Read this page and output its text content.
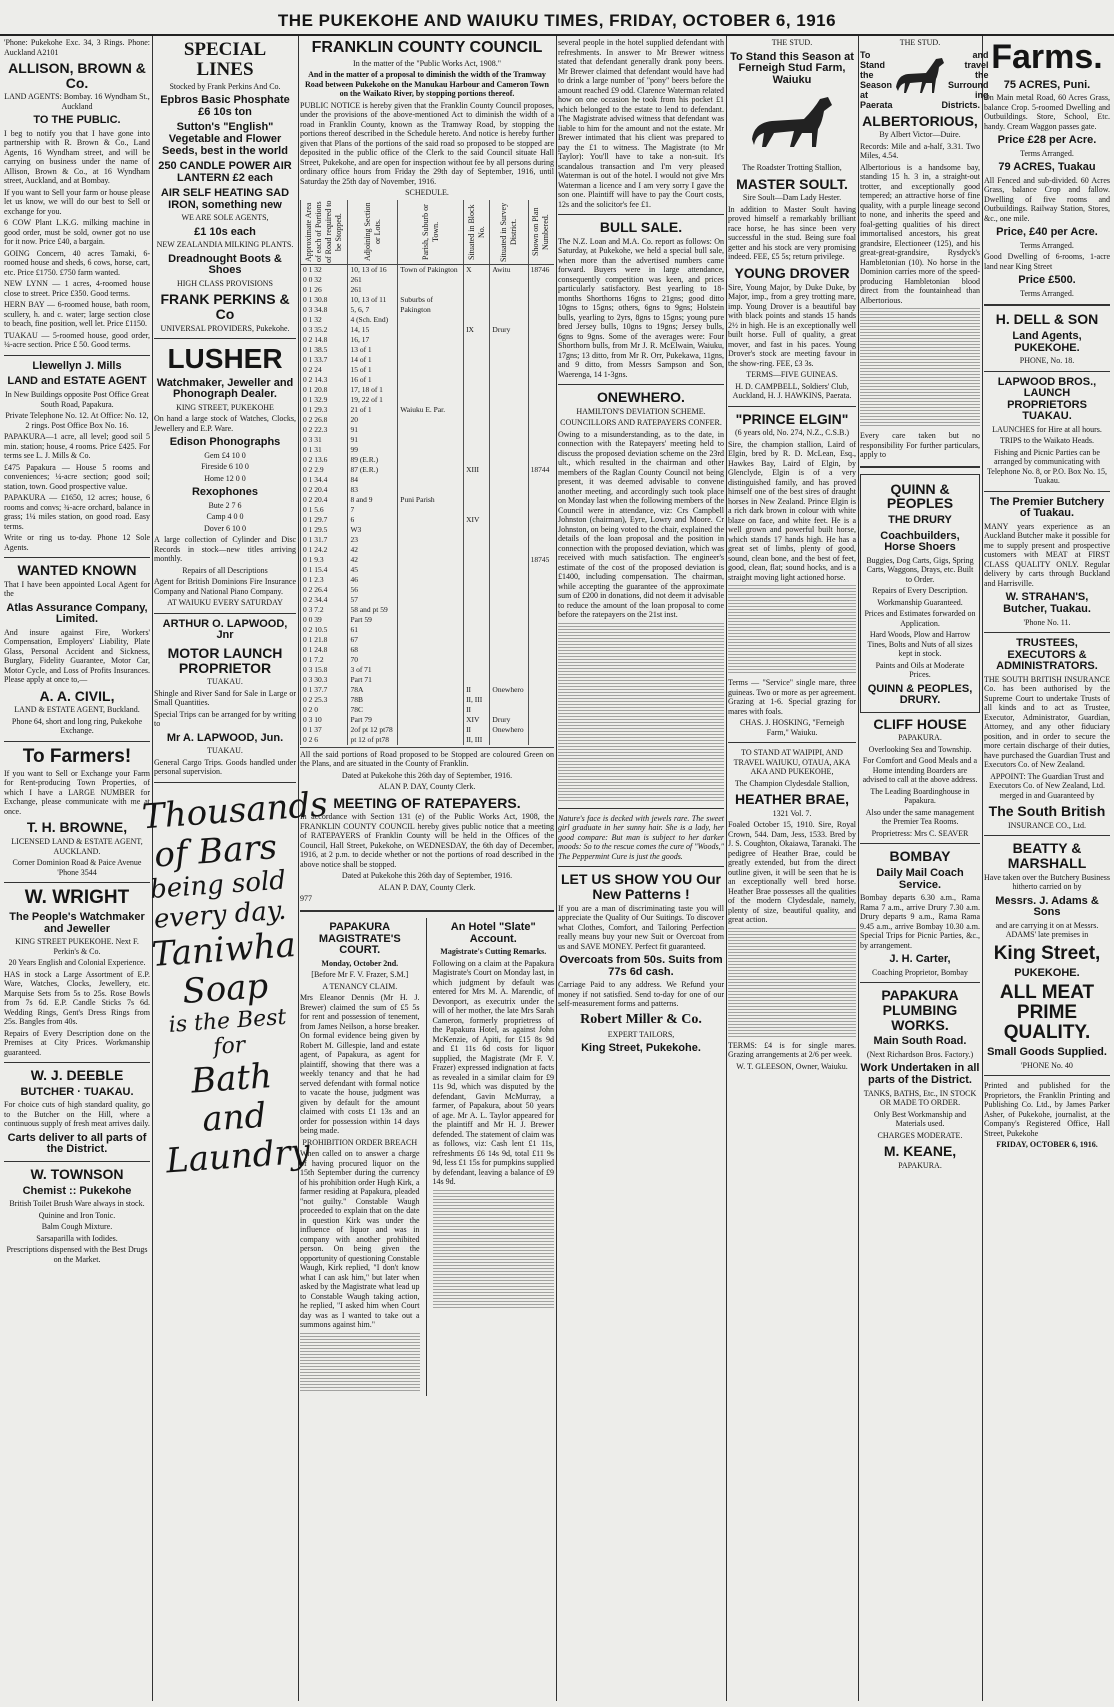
THE PUKEKOHE AND WAIUKU TIMES, FRIDAY, OCTOBER 6, 1916

'Phone: Pukekohe Exc. 34, 3 Rings. Phone: Auckland A2101

ALLISON, BROWN & Co.

LAND AGENTS: Bombay. 16 Wyndham St., Auckland

TO THE PUBLIC.

I beg to notify you that I have gone into partnership with R. Brown & Co., Land Agents, 16 Wyndham street, and will be carrying on business under the name of Allison, Brown & Co., at 16 Wyndham street, Auckland, and at Bombay.

If you want to Sell your farm or house please let us know, we will do our best to Sell or exchange for you.

6 COW Plant L.K.G. milking machine in good order, must be sold, owner got no use for it now. Price £40, a bargain.

GOING Concern, 40 acres Tamaki, 6-roomed house and sheds, 6 cows, horse, cart, etc. Price £1750. £750 farm wanted.

NEW LYNN — 1 acres, 4-roomed house close to street. Price £350. Good terms.

HERN BAY — 6-roomed house, bath room, scullery, h. and c. water; large section close to beach, fine position, well let. Price £1150.

TUAKAU — 5-roomed house, good order, ¼-acre section. Price £ 50. Good terms.

Llewellyn J. Mills
LAND and ESTATE AGENT

In New Buildings opposite Post Office Great South Road, Papakura.

Private Telephone No. 12. At Office: No. 12, 2 rings. Post Office Box No. 16.

PAPAKURA—1 acre, all level; good soil 5 min. station; house, 4 rooms. Price £425. For terms see L. J. Mills & Co.

£475 Papakura — House 5 rooms and conveniences; ¼-acre section; good soil; station, town. Good prospective value.

PAPAKURA — £1650, 12 acres; house, 6 rooms and convs; ¾-acre orchard, balance in grass; 1¼ miles station, on good road. Easy terms.

Write or ring us to-day. Phone 12 Sole Agents.

WANTED KNOWN

That I have been appointed Local Agent for the

Atlas Assurance Company, Limited.

And insure against Fire, Workers' Compensation, Employers' Liability, Plate Glass, Personal Accident and Sickness, Burglary, Fidelity Guarantee, Motor Car, Motor Cycle, and Loss of Profits Insurances. Please apply at once to,—

A. A. CIVIL,

LAND & ESTATE AGENT, Buckland.

Phone 64, short and long ring, Pukekohe Exchange.

To Farmers!

If you want to Sell or Exchange your Farm for Rent-producing Town Properties, of which I have a LARGE NUMBER for Exchange, please communicate with me at once.

T. H. BROWNE,

LICENSED LAND & ESTATE AGENT, AUCKLAND.

Corner Dominion Road & Paice Avenue 'Phone 3544

W. WRIGHT
The People's Watchmaker and Jeweller

KING STREET PUKEKOHE. Next F. Perkin's & Co.

20 Years English and Colonial Experience.

HAS in stock a Large Assortment of E.P. Ware, Watches, Clocks, Jewellery, etc. Marquise Sets from 5s to 25s. Rose Bowls from 7s 6d. E.P. Candle Sticks 7s 6d. Wedding Rings, Gent's Dress Rings from 25s. Bangles from 40s.

Repairs of Every Description done on the Premises at City Prices. Workmanship guaranteed.

W. J. DEEBLE
BUTCHER · TUAKAU.

For choice cuts of high standard quality, go to the Butcher on the Hill, where a continuous supply of fresh meat arrives daily.

Carts deliver to all parts of the District.
W. TOWNSON
Chemist :: Pukekohe

British Toilet Brush Ware always in stock.

Quinine and Iron Tonic.

Balm Cough Mixture.

Sarsaparilla with Iodides.

Prescriptions dispensed with the Best Drugs on the Market.

SPECIAL LINES

Stocked by Frank Perkins And Co.

Epbros Basic Phosphate £6 10s ton
Sutton's "English" Vegetable and Flower Seeds, best in the world
250 CANDLE POWER AIR LANTERN £2 each
AIR SELF HEATING SAD IRON, something new

WE ARE SOLE AGENTS,

£1 10s each

NEW ZEALANDIA MILKING PLANTS.

Dreadnought Boots & Shoes

HIGH CLASS PROVISIONS

FRANK PERKINS & Co

UNIVERSAL PROVIDERS, Pukekohe.

LUSHER
Watchmaker, Jeweller and Phonograph Dealer.

KING STREET, PUKEKOHE

On hand a large stock of Watches, Clocks, Jewellery and E.P. Ware.

Edison Phonographs

Gem £4 10 0

Fireside 6 10 0

Home 12 0 0

Rexophones

Bute 2 7 6

Camp 4 0 0

Dover 6 10 0

A large collection of Cylinder and Disc Records in stock—new titles arriving monthly.

Repairs of all Descriptions

Agent for British Dominions Fire Insurance Company and National Piano Company.

AT WAIUKU EVERY SATURDAY

ARTHUR O. LAPWOOD, Jnr
MOTOR LAUNCH PROPRIETOR

TUAKAU.

Shingle and River Sand for Sale in Large or Small Quantities.

Special Trips can be arranged for by writing to

Mr A. LAPWOOD, Jun.

TUAKAU.

General Cargo Trips. Goods handled under personal supervision.

Thousands
of Bars
being sold
every day.
Taniwha
Soap
is the Best for
Bath and
Laundry
FRANKLIN COUNTY COUNCIL

In the matter of the "Public Works Act, 1908."

And in the matter of a proposal to diminish the width of the Tramway Road between Pukekohe on the Manukau Harbour and Cameron Town on the Waikato River, by stopping portions thereof.

PUBLIC NOTICE is hereby given that the Franklin County Council proposes, under the provisions of the above-mentioned Act to diminish the width of a road in Franklin County, known as the Tramway Road, by stopping the portions thereof described in the Schedule hereto. And notice is hereby further given that Plans of the portions of the said road so proposed to be stopped are deposited in the public office of the Clerk to the said Council situate Hall Street, Pukekohe, and are open for inspection without fee by all persons during ordinary office hours from Friday the 29th day of September, 1916, until Saturday the 25th day of November, 1916.

SCHEDULE.

Approximate Area of each of Portions of Road required to be Stopped.	Adjoining Section or Lots.	Parish, Suburb or Town.	Situated in Block No.	Situated in Survey District.	Shown on Plan Numbered.

0 1 32	10, 13 of 16	Town of Pakington	X	Awitu	18746
0 0 32	261				
0 1 26	261				
0 1 30.8	10, 13 of 11	Suburbs of			
0 3 34.8	5, 6, 7	Pakington			
0 1 32	4 (Sch. End)				
0 3 35.2	14, 15		IX	Drury	
0 2 14.8	16, 17				
0 1 38.5	13 of 1				
0 1 33.7	14 of 1				
0 2 24	15 of 1				
0 2 14.3	16 of 1				
0 1 20.8	17, 18 of 1				
0 1 32.9	19, 22 of 1				
0 1 29.3	21 of 1	Waiuku E. Par.			
0 2 26.8	20				
0 2 22.3	91				
0 3 31	91				
0 1 31	99				
0 2 13.6	89 (E.R.)				
0 2 2.9	87 (E.R.)		XIII		18744
0 1 34.4	84				
0 2 20.4	83				
0 2 20.4	8 and 9	Puni Parish			
0 1 5.6	7				
0 1 29.7	6		XIV		
0 1 29.5	W3				
0 1 31.7	23				
0 1 24.2	42				
0 1 9.3	42				18745
0 1 15.4	45				
0 1 2.3	46				
0 2 26.4	56				
0 2 34.4	57				
0 3 7.2	58 and pt 59				
0 0 39	Part 59				
0 2 10.5	61				
0 1 21.8	67				
0 1 24.8	68				
0 1 7.2	70				
0 3 15.8	3 of 71				
0 3 30.3	Part 71				
0 1 37.7	78A		II	Onewhero	
0 2 25.3	78B		II, III		
0 2 0	78C		II		
0 3 10	Part 79		XIV	Drury	
0 1 37	2of pt 12 pt78		II	Onewhero	
0 2 6	pt 12 of pt78		II, III		

All the said portions of Road proposed to be Stopped are coloured Green on the Plans, and are situated in the County of Franklin.

Dated at Pukekohe this 26th day of September, 1916.

ALAN P. DAY, County Clerk.

MEETING OF RATEPAYERS.

In accordance with Section 131 (e) of the Public Works Act, 1908, the FRANKLIN COUNTY COUNCIL hereby gives public notice that a meeting of RATEPAYERS of Franklin County will be held in the Offices of the Council, Hall Street, Pukekohe, on WEDNESDAY, the 6th day of December, 1916, at 2 p.m. to decide whether or not the portions of road described in the above notice shall be stopped.

Dated at Pukekohe this 26th day of September, 1916.

ALAN P. DAY, County Clerk.

977

PAPAKURA MAGISTRATE'S COURT.

Monday, October 2nd.

[Before Mr F. V. Frazer, S.M.]

A TENANCY CLAIM.

Mrs Eleanor Dennis (Mr H. J. Brewer) claimed the sum of £5 5s for rent and possession of tenement, from James Neilson, a horse breaker. On formal evidence being given by Robert M. Gillespie, land and estate agent, of Papakura, as agent for plaintiff, showing that there was a weekly tenancy and that he had served defendant with formal notice to vacate the house, judgment was given by default for the amount claimed with costs £1 13s and an order for possession within 14 days being made.

PROHIBITION ORDER BREACH

When called on to answer a charge of having procured liquor on the 15th September during the currency of his prohibition order Hugh Kirk, a farmer residing at Papakura, pleaded "not guilty." Constable Waugh proceeded to explain that on the date in question Kirk was under the influence of liquor and was in company with another prohibited person. On being given the opportunity of questioning Constable Waugh, Kirk replied, "I don't know what I can ask him," but later when asked by the Magistrate what lead up to Constable Waugh taking action, he replied, "I asked him when Court day was as I wanted to take out a summons against him."

An Hotel "Slate" Account.

Magistrate's Cutting Remarks.

Following on a claim at the Papakura Magistrate's Court on Monday last, in which judgment by default was entered for Mrs M. A. Marendic, of Devonport, as executrix under the will of her mother, the late Mrs Sarah Cameron, formerly proprietress of the Papakura Hotel, as against John McKenzie, of Apiti, for £15 8s 9d and £1 11s 6d costs for liquor supplied, the Magistrate (Mr F. V. Frazer) expressed indignation at facts as revealed in a similar claim for £9 11s 9d, which was disputed by the defendant, Gavin McMurray, a farmer, of Papakura, about 50 years of age. Mr A. L. Taylor appeared for the plaintiff and Mr H. J. Brewer defended. The statement of claim was as follows, viz: Cash lent £1 11s, refreshments £6 14s 9d, total £11 9s 9d, less £1 15s for pumpkins supplied by defendant, leaving a balance of £9 14s 9d.

several people in the hotel supplied defendant with refreshments. In answer to Mr Brewer witness stated that defendant generally drank pony beers. Mr Brewer claimed that defendant would have had to drink a large number of "pony" beers before the amount reached £9 odd. Clarence Waterman related how on one occasion he took from his pocket £1 which belonged to the estate to lend to defendant. The Magistrate advised witness that defendant was liable to him for the amount and not the estate. Mr Brewer intimated that his client was prepared to pay the £1 to witness. The Magistrate (to Mr Taylor): You'll have to take a non-suit. It's scandalous transaction and I'm very pleased Waterman is out of the hotel. I would not give Mrs Waterman a licence and I am very sorry I gave the son one. Plaintiff will have to pay the Court costs, 12s and the solicitor's fee £1.

BULL SALE.

The N.Z. Loan and M.A. Co. report as follows: On Saturday, at Pukekohe, we held a special bull sale, when more than the advertised numbers came forward. Buyers were in large attendance, consequently competition was keen, and prices particularly satisfactory. Best yearling to 18-months Shorthorns 16gns to 21gns; good ditto 10gns to 15gns; others, 6gns to 9gns; Holstein bulls, yearling to 2yrs, 8gns to 15gns; young pure bred Jersey bulls, 10gns to 19gns; Jersey bulls, 6gns to 9gns. Some of the averages were: Four Shorthorn bulls, from Mr J. R. McElwain, Waiuku, 17gns; 13 ditto, from Mr R. Orr, Pukekawa, 11gns, and 9 ditto, from Messrs Sampson and Son, Waerenga, 14 1-3gns.

ONEWHERO.

HAMILTON'S DEVIATION SCHEME.

COUNCILLORS AND RATEPAYERS CONFER.

Owing to a misunderstanding, as to the date, in connection with the Ratepayers' meeting held to discuss the proposed deviation scheme on the 23rd ult., which resulted in the chairman and other members of the Raglan County Council not being present, it was deemed advisable to convene another meeting, and accordingly such took place on Monday last when the following members of the Council were in attendance, viz: Crs Campbell Johnston (chairman), Eyre, Lowry and Moore. Cr Johnston, on being voted to the chair, explained the details of the loan proposal and the position in connection with the proposed deviation, which was received with much satisfaction. The engineer's estimate of the cost of the proposed deviation is £1400, including compensation. The chairman, while accepting the guarantee of the approximate sum of £200 in donations, did not deem it advisable to reduce the amount of the loan proposal to come before the ratepayers on the 21st inst.

Nature's face is decked with jewels rare. The sweet girl graduate in her sunny hair. She is a lady, her good compare: But man is subject to her darker moods: So to the rescue comes the cure of "Woods," The Peppermint Cure is just the goods.

LET US SHOW YOU Our New Patterns !

If you are a man of discriminating taste you will appreciate the Quality of Our Suitings. To discover what Clothes, Comfort, and Tailoring Perfection really means buy your new Suit or Overcoat from us and SAVE MONEY. Perfect fit guaranteed.

Overcoats from 50s. Suits from 77s 6d cash.

Carriage Paid to any address. We Refund your money if not satisfied. Send to-day for one of our self-measurement forms and patterns.

Robert Miller & Co.

EXPERT TAILORS,

King Street, Pukekohe.

THE STUD.

To Stand this Season at Ferneigh Stud Farm, Waiuku

The Roadster Trotting Stallion,

MASTER SOULT.

Sire Soult—Dam Lady Hester.

In addition to Master Soult having proved himself a remarkably brilliant race horse, he has since been very successful in the stud. Being sure foal getter and his stock are very promising indeed. FEE, £5 5s; return privilege.

YOUNG DROVER

Sire, Young Major, by Duke Duke, by Major, imp., from a grey trotting mare, imp. Young Drover is a beautiful bay with black points and stands 15 hands 2½ in high. He is an exceptionally well built horse. Full of quality, a great mover, and fast in his paces. Young Drover's stock are meeting favour in the show-ring. FEE, £3 3s.

TERMS—FIVE GUINEAS.

H. D. CAMPBELL, Soldiers' Club, Auckland, H. J. HAWKINS, Paerata.

"PRINCE ELGIN"

(6 years old, No. 274, N.Z., C.S.B.)

Sire, the champion stallion, Laird of Elgin, bred by R. D. McLean, Esq., Hawkes Bay, Laird of Elgin, by Glenclyde, Elgin is of a very distinguished family, and has proved himself one of the best sires of draught horses in New Zealand. Prince Elgin is a rich dark brown in colour with white blaze on face, and white feet. He is a well grown and powerful built horse, which stands 17 hands high. He has a great set of limbs, plenty of good, sound, clean bone, and the best of feet, good, clean, flat; sound hocks, and is a straight moving light actioned horse.

Terms — "Service" single mare, three guineas. Two or more as per agreement. Grazing at 1-6. Special grazing for mares with foals.

CHAS. J. HOSKING, "Ferneigh Farm," Waiuku.

TO STAND AT WAIPIPI, AND TRAVEL WAIUKU, OTAUA, AKA AKA AND PUKEKOHE,

The Champion Clydesdale Stallion,

HEATHER BRAE,

1321 Vol. 7.

Foaled October 15, 1910. Sire, Royal Crown, 544. Dam, Jess, 1533. Bred by J. S. Coughton, Okaiawa, Taranaki. The pedigree of Heather Brae, could be greatly extended, but from the direct outline given, it will be seen that he is an exceptionally well bred horse. Heather Brae possesses all the qualities of the modern Clydesdale, namely, plenty of size, beautiful quality, and great action.

TERMS: £4 is for single mares. Grazing arrangements at 2/6 per week.

W. T. GLEESON, Owner, Waiuku.

THE STUD.

To
Stand
the
Season
at
and
travel
the
Surround
ing
Paerata	Districts.
ALBERTORIOUS,

By Albert Victor—Duire.

Records: Mile and a-half, 3.31. Two Miles, 4.54.

Albertorious is a handsome bay, standing 15 h. 3 in, a straight-out trotter, and exceptionally good tempered; an attractive horse of fine quality, with a purple lineage second to none, and inherits the speed and foal-getting qualities of his direct immortalised ancestors, his great grandsire, Electioneer (125), and his great-great-grandsire, Rysdyck's Hambletonian (10). No horse in the Dominion carries more of the speed-producing Hambletonian blood direct from the fountainhead than Albertorious.

Every care taken but no responsibility For further particulars, apply to

QUINN & PEOPLES
THE DRURY
Coachbuilders, Horse Shoers

Buggies, Dog Carts, Gigs, Spring Carts, Waggons, Drays, etc. Built to Order.

Repairs of Every Description.

Workmanship Guaranteed.

Prices and Estimates forwarded on Application.

Hard Woods, Plow and Harrow Tines, Bolts and Nuts of all sizes kept in stock.

Paints and Oils at Moderate Prices.

QUINN & PEOPLES, DRURY.
CLIFF HOUSE

PAPAKURA.

Overlooking Sea and Township.

For Comfort and Good Meals and a Home intending Boarders are advised to call at the above address.

The Leading Boardinghouse in Papakura.

Also under the same management the Premier Tea Rooms.

Proprietress: Mrs C. SEAVER

BOMBAY
Daily Mail Coach Service.

Bombay departs 6.30 a.m., Rama Rama 7 a.m., arrive Drury 7.30 a.m. Drury departs 9 a.m., Rama Rama 9.45 a.m., arrive Bombay 10.30 a.m. Special Trips for Picnic Parties, &c., by arrangement.

J. H. Carter,

Coaching Proprietor, Bombay

PAPAKURA PLUMBING WORKS.
Main South Road.

(Next Richardson Bros. Factory.)

Work Undertaken in all parts of the District.

TANKS, BATHS, Etc., IN STOCK OR MADE TO ORDER.

Only Best Workmanship and Materials used.

CHARGES MODERATE.

M. KEANE,

PAPAKURA.

Farms.
75 ACRES, Puni.

On Main metal Road, 60 Acres Grass, balance Crop. 5-roomed Dwelling and Outbuildings. Store, School, Etc. handy. Cream Waggon passes gate.

Price £28 per Acre.

Terms Arranged.

79 ACRES, Tuakau

All Fenced and sub-divided. 60 Acres Grass, balance Crop and fallow. Dwelling of five rooms and Outbuildings. Railway Station, Stores, &c., one mile.

Price, £40 per Acre.

Terms Arranged.

Good Dwelling of 6-rooms, 1-acre land near King Street

Price £500.

Terms Arranged.

H. DELL & SON
Land Agents, PUKEKOHE.

PHONE, No. 18.

LAPWOOD BROS., LAUNCH PROPRIETORS TUAKAU.

LAUNCHES for Hire at all hours.

TRIPS to the Waikato Heads.

Fishing and Picnic Parties can be arranged by communicating with Telephone No. 8, or P.O. Box No. 15, Tuakau.

The Premier Butchery of Tuakau.

MANY years experience as an Auckland Butcher make it possible for me to supply present and prospective customers with MEAT at FIRST CLASS QUALITY ONLY. Regular delivery by carts through Buckland and Harrisville.

W. STRAHAN'S, Butcher, Tuakau.

'Phone No. 11.

TRUSTEES, EXECUTORS & ADMINISTRATORS.

THE SOUTH BRITISH INSURANCE Co. has been authorised by the Supreme Court to undertake Trusts of all kinds and to act as Trustee, Executor, Administrator, Guardian, Attorney, and any other fiduciary position, and in order to secure the more certain discharge of their duties, have purchased the Guardian Trust and Executors Co. of New Zealand.

APPOINT: The Guardian Trust and Executors Co. of New Zealand, Ltd. merged in and Guaranteed by

The South British

INSURANCE CO., Ltd.

BEATTY & MARSHALL

Have taken over the Butchery Business hitherto carried on by

Messrs. J. Adams & Sons

and are carrying it on at Messrs. ADAMS' late premises in

King Street,
PUKEKOHE.
ALL MEAT PRIME QUALITY.
Small Goods Supplied.

'PHONE No. 40

Printed and published for the Proprietors, the Franklin Printing and Publishing Co. Ltd., by James Parker Asher, of Pukekohe, journalist, at the Company's Registered Office, Hall Street, Pukekohe

FRIDAY, OCTOBER 6, 1916.
